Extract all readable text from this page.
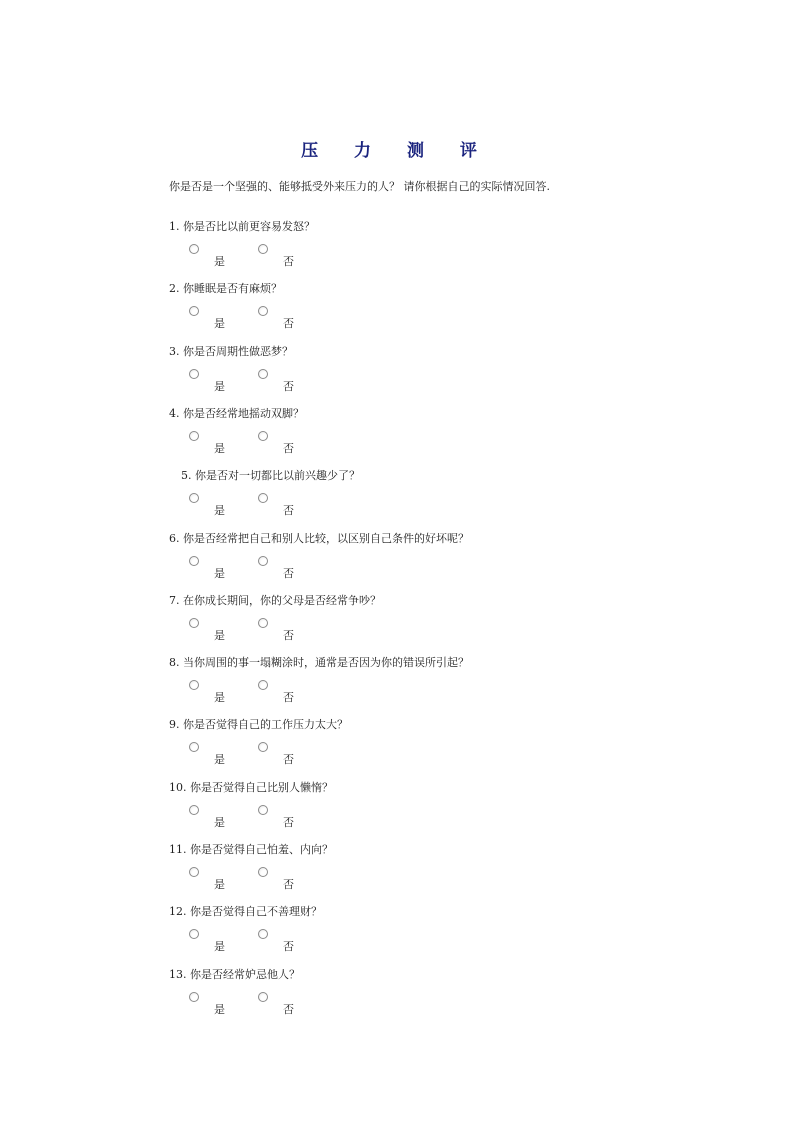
压 力 测 评
你是否是一个坚强的、能够抵受外来压力的人？ 请你根据自己的实际情况回答.
1. 你是否比以前更容易发怒？
是	否
2. 你睡眠是否有麻烦？
是	否
3. 你是否周期性做恶梦？
是	否
4. 你是否经常地摇动双脚？
是	否
5. 你是否对一切都比以前兴趣少了？
是	否
6. 你是否经常把自己和别人比较，以区别自己条件的好坏呢？
是	否
7. 在你成长期间，你的父母是否经常争吵？
是	否
8. 当你周围的事一塌糊涂时，通常是否因为你的错误所引起？
是	否
9. 你是否觉得自己的工作压力太大？
是	否
10. 你是否觉得自己比别人懒惰？
是	否
11. 你是否觉得自己怕羞、内向？
是	否
12. 你是否觉得自己不善理财？
是	否
13. 你是否经常妒忌他人？
是	否
